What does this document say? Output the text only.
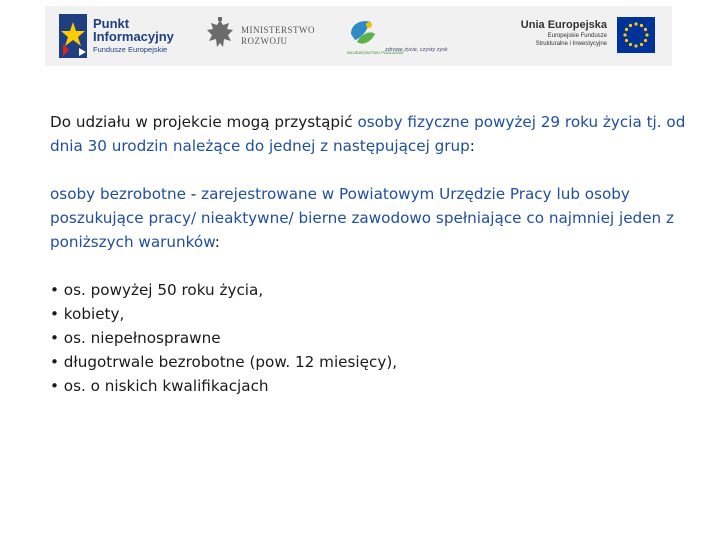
Punkt
Informacyjny
Fundusze Europejskie
MINISTERSTWO
ROZWOJU
WOJEWÓDZTWO PODLASKIE
zdrowe życie, czysty zysk
Unia Europejska
Europejskie Fundusze
Strukturalne i Inwestycyjne

Do udziału w projekcie mogą przystąpić osoby fizyczne powyżej 29 roku życia tj. od dnia 30 urodzin należące do jednej z następującej grup:

osoby bezrobotne - zarejestrowane w Powiatowym Urzędzie Pracy lub osoby poszukujące pracy/ nieaktywne/ bierne zawodowo spełniające co najmniej jeden z poniższych warunków:

• os. powyżej 50 roku życia,
• kobiety,
• os. niepełnosprawne
• długotrwale bezrobotne (pow. 12 miesięcy),
• os. o niskich kwalifikacjach
